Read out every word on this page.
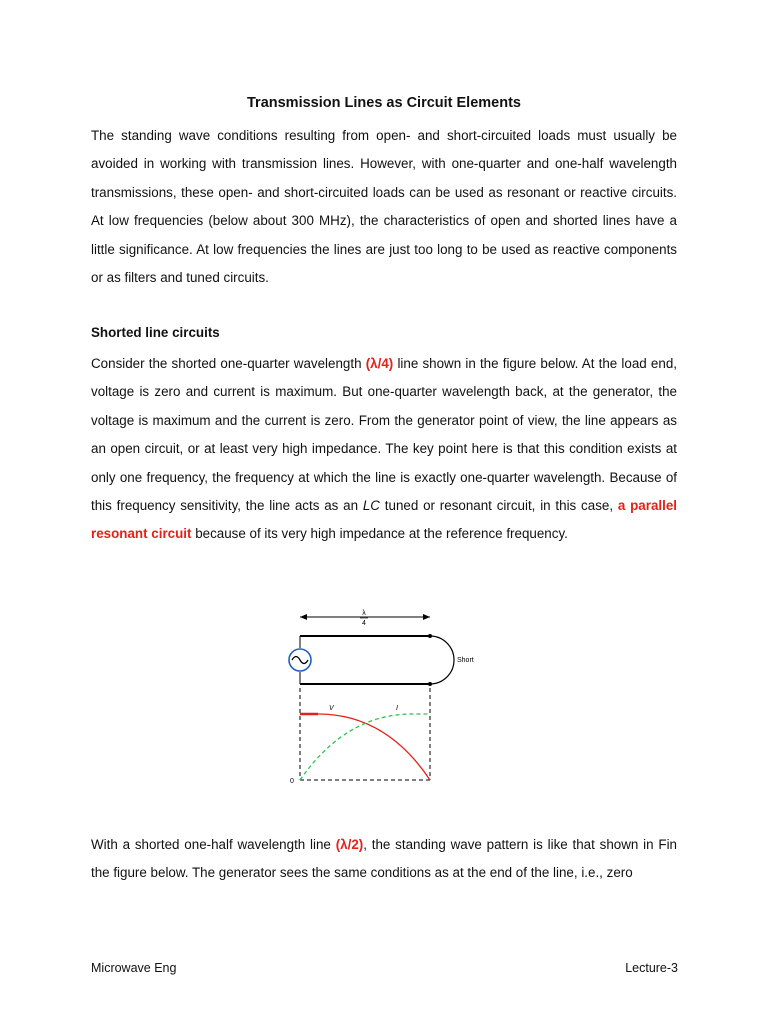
Transmission Lines as Circuit Elements

The standing wave conditions resulting from open- and short-circuited loads must usually be avoided in working with transmission lines. However, with one-quarter and one-half wavelength transmissions, these open- and short-circuited loads can be used as resonant or reactive circuits. At low frequencies (below about 300 MHz), the characteristics of open and shorted lines have a little significance. At low frequencies the lines are just too long to be used as reactive components or as filters and tuned circuits.

Shorted line circuits

Consider the shorted one-quarter wavelength (λ/4) line shown in the figure below. At the load end, voltage is zero and current is maximum. But one-quarter wavelength back, at the generator, the voltage is maximum and the current is zero. From the generator point of view, the line appears as an open circuit, or at least very high impedance. The key point here is that this condition exists at only one frequency, the frequency at which the line is exactly one-quarter wavelength. Because of this frequency sensitivity, the line acts as an LC tuned or resonant circuit, in this case, a parallel resonant circuit because of its very high impedance at the reference frequency.

λ
4
Short
V	I
0

With a shorted one-half wavelength line (λ/2), the standing wave pattern is like that shown in Fin the figure below. The generator sees the same conditions as at the end of the line, i.e., zero

Microwave Eng	Lecture-3
